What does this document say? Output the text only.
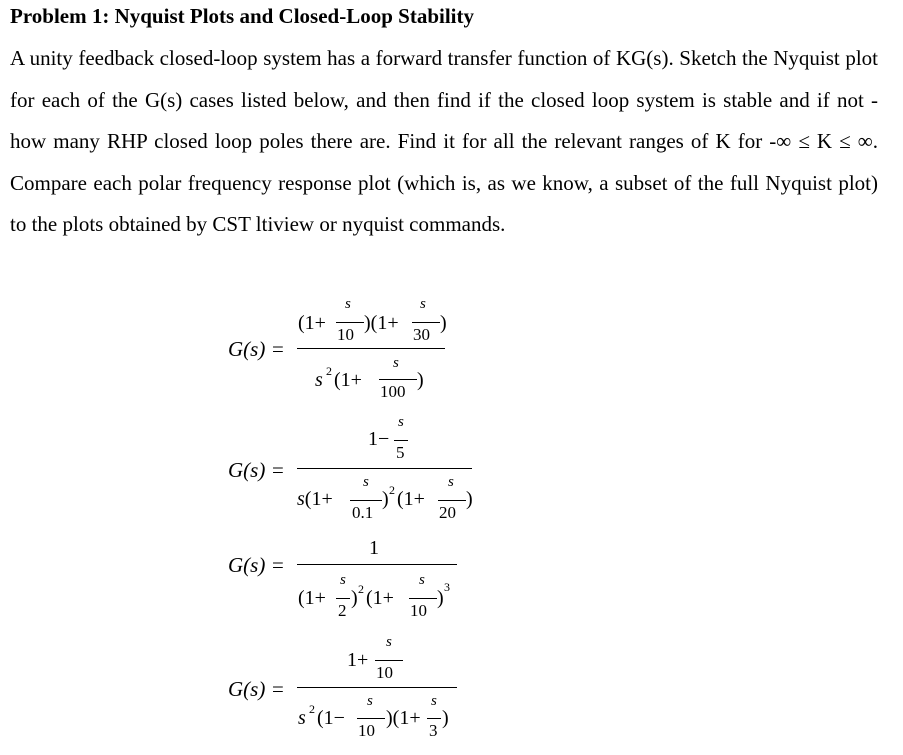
Problem 1: Nyquist Plots and Closed-Loop Stability
A unity feedback closed-loop system has a forward transfer function of KG(s). Sketch the Nyquist plot for each of the G(s) cases listed below, and then find if the closed loop system is stable and if not - how many RHP closed loop poles there are. Find it for all the relevant ranges of K for -∞ ≤ K ≤ ∞. Compare each polar frequency response plot (which is, as we know, a subset of the full Nyquist plot) to the plots obtained by CST ltiview or nyquist commands.
G(s) =
(1+
s
10
)(1+
s
30
)
s 2 (1+
s
100
)
G(s) =
1−
s
5
s(1+
s
0.1
) 2 (1+
s
20
)
G(s) =
1
(1+
s
2
) 2 (1+
s
10
) 3
G(s) =
1+
s
10
s 2 (1−
s
10
)(1+
s
3
)
